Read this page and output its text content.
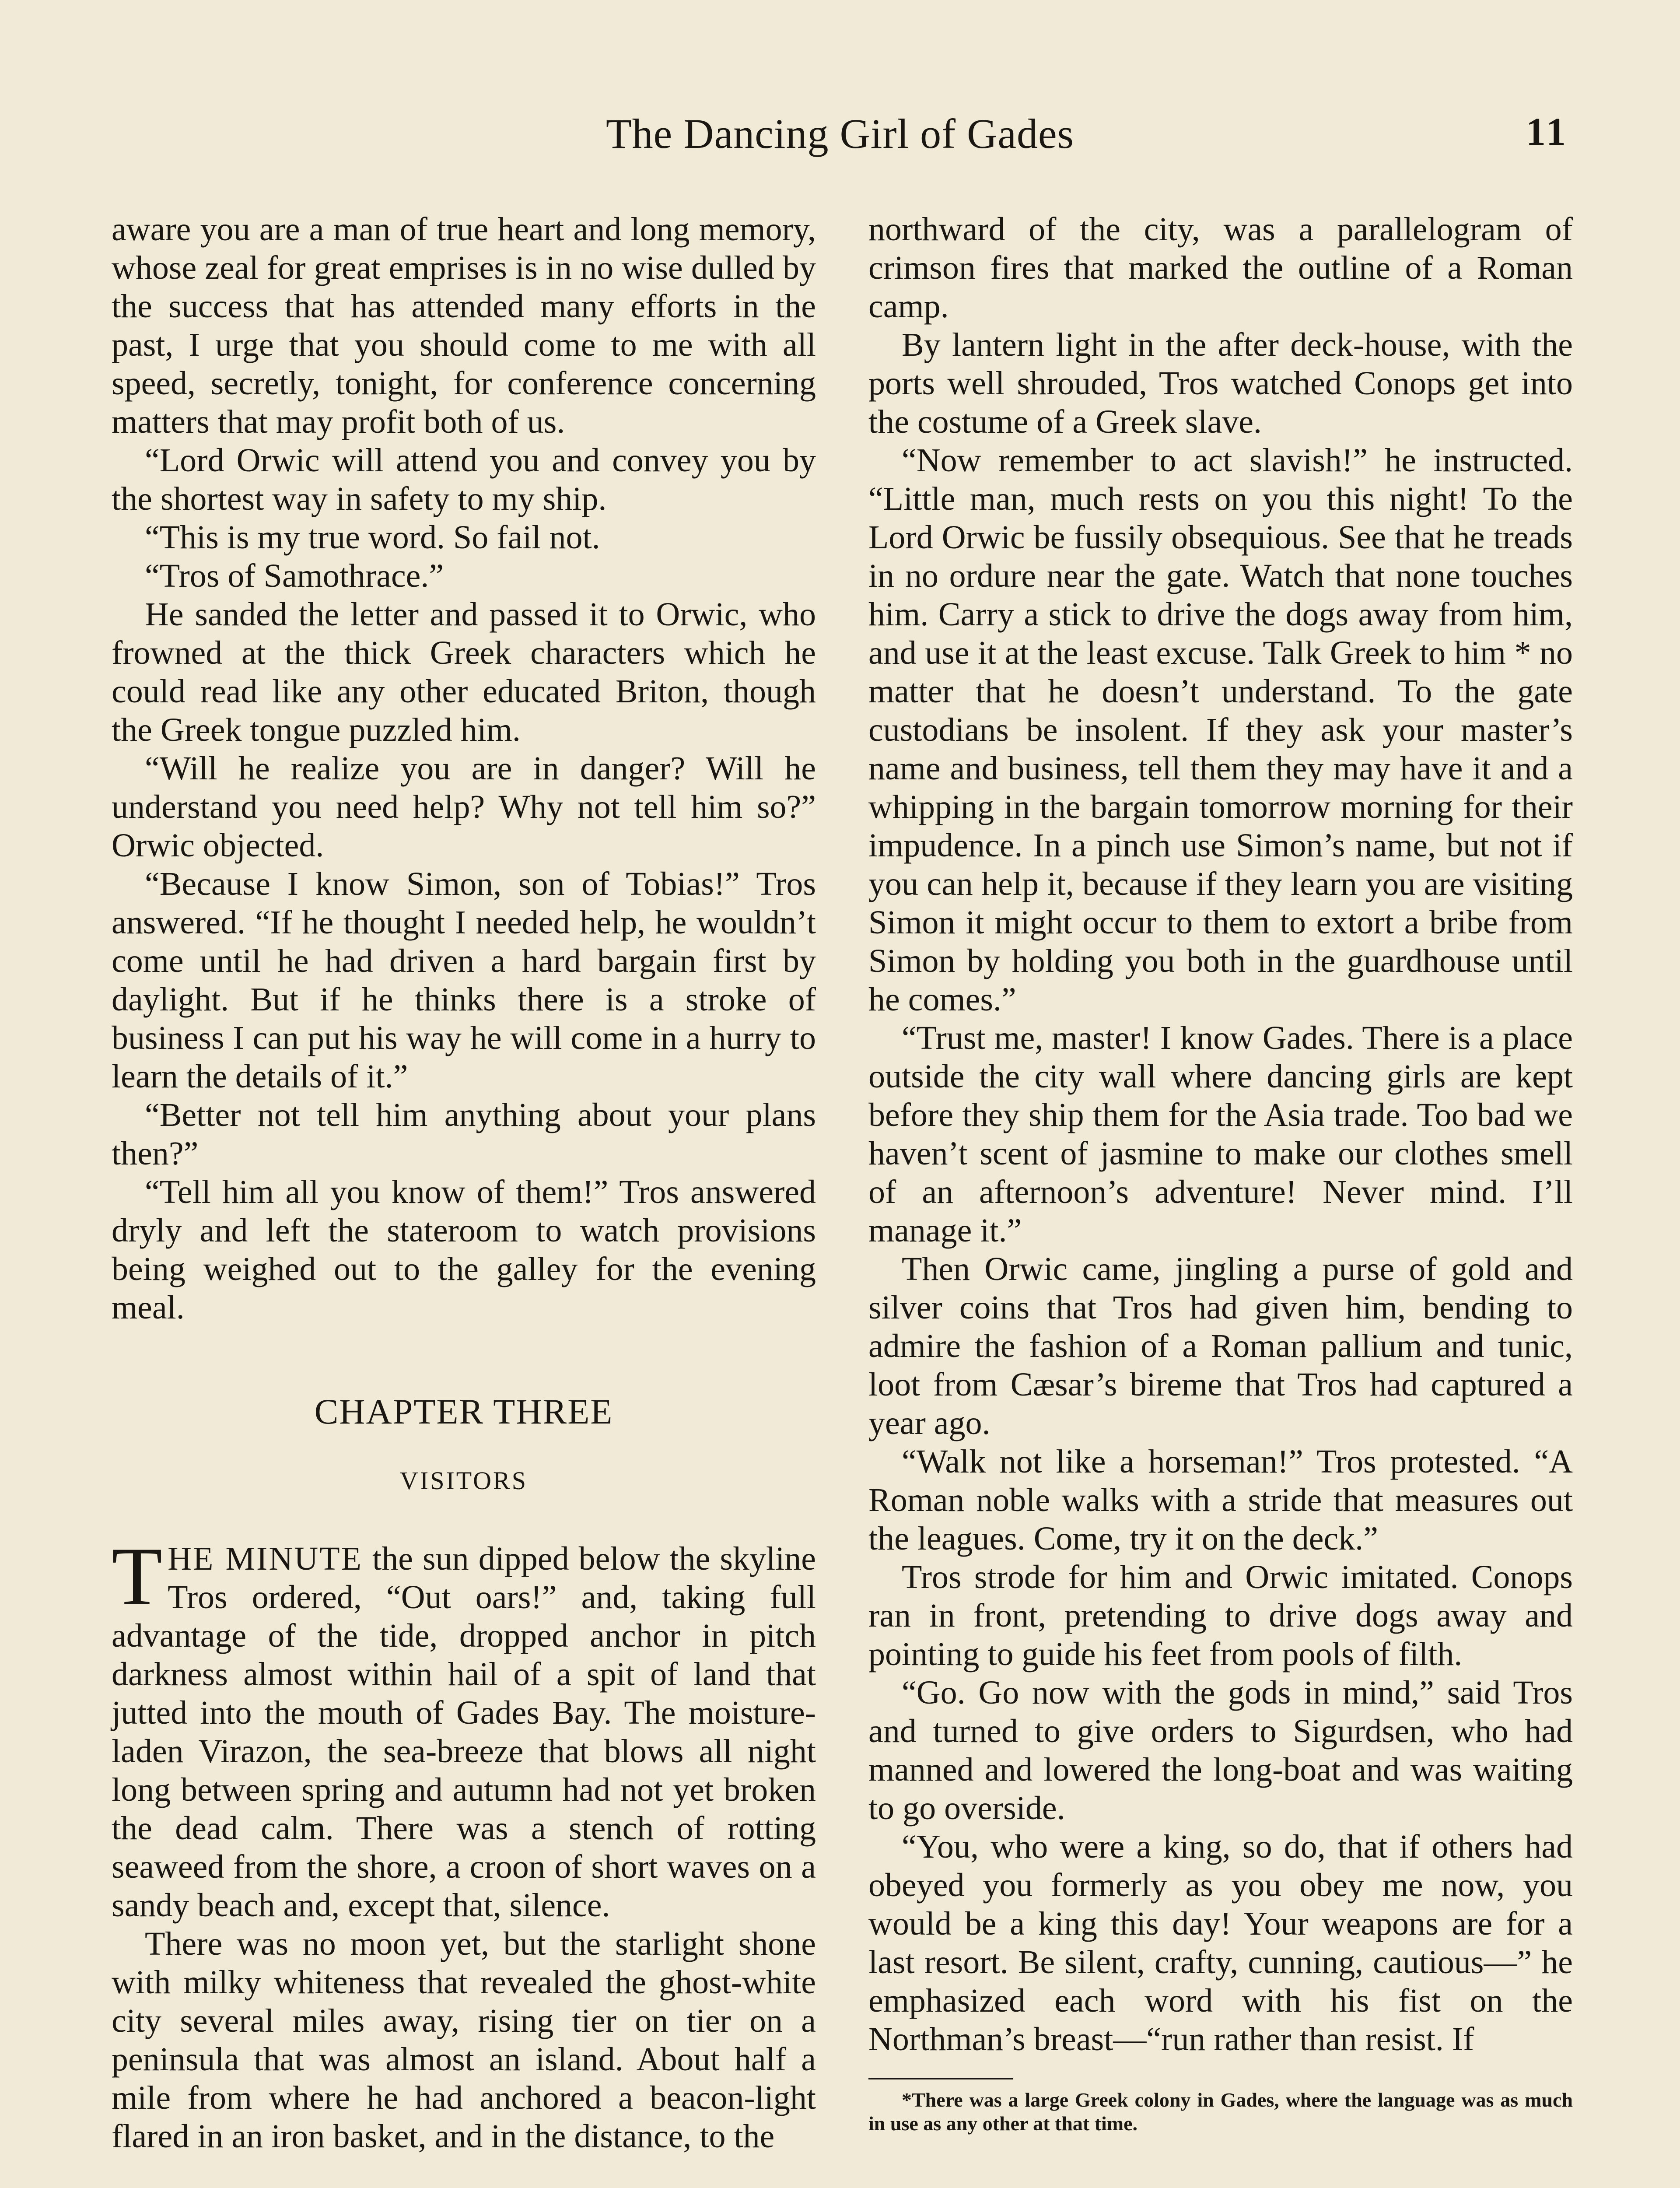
The Dancing Girl of Gades	11

aware you are a man of true heart and long memory, whose zeal for great emprises is in no wise dulled by the success that has attended many efforts in the past, I urge that you should come to me with all speed, secretly, tonight, for conference concerning matters that may profit both of us.

“Lord Orwic will attend you and convey you by the shortest way in safety to my ship.

“This is my true word. So fail not.

“Tros of Samothrace.”

He sanded the letter and passed it to Orwic, who frowned at the thick Greek characters which he could read like any other educated Briton, though the Greek tongue puzzled him.

“Will he realize you are in danger? Will he understand you need help? Why not tell him so?” Orwic objected.

“Because I know Simon, son of Tobias!” Tros answered. “If he thought I needed help, he wouldn’t come until he had driven a hard bargain first by daylight. But if he thinks there is a stroke of business I can put his way he will come in a hurry to learn the details of it.”

“Better not tell him anything about your plans then?”

“Tell him all you know of them!” Tros answered dryly and left the stateroom to watch provisions being weighed out to the galley for the evening meal.

CHAPTER THREE
VISITORS

THE MINUTE the sun dipped below the skyline Tros ordered, “Out oars!” and, taking full advantage of the tide, dropped anchor in pitch darkness almost within hail of a spit of land that jutted into the mouth of Gades Bay. The moisture-laden Virazon, the sea-breeze that blows all night long between spring and autumn had not yet broken the dead calm. There was a stench of rotting seaweed from the shore, a croon of short waves on a sandy beach and, except that, silence.

There was no moon yet, but the starlight shone with milky whiteness that revealed the ghost-white city several miles away, rising tier on tier on a peninsula that was almost an island. About half a mile from where he had anchored a beacon-light flared in an iron basket, and in the distance, to the

northward of the city, was a parallelogram of crimson fires that marked the outline of a Roman camp.

By lantern light in the after deck-house, with the ports well shrouded, Tros watched Conops get into the costume of a Greek slave.

“Now remember to act slavish!” he instructed. “Little man, much rests on you this night! To the Lord Orwic be fussily obsequious. See that he treads in no ordure near the gate. Watch that none touches him. Carry a stick to drive the dogs away from him, and use it at the least excuse. Talk Greek to him * no matter that he doesn’t understand. To the gate custodians be insolent. If they ask your master’s name and business, tell them they may have it and a whipping in the bargain tomorrow morning for their impudence. In a pinch use Simon’s name, but not if you can help it, because if they learn you are visiting Simon it might occur to them to extort a bribe from Simon by holding you both in the guardhouse until he comes.”

“Trust me, master! I know Gades. There is a place outside the city wall where dancing girls are kept before they ship them for the Asia trade. Too bad we haven’t scent of jasmine to make our clothes smell of an afternoon’s adventure! Never mind. I’ll manage it.”

Then Orwic came, jingling a purse of gold and silver coins that Tros had given him, bending to admire the fashion of a Roman pallium and tunic, loot from Cæsar’s bireme that Tros had captured a year ago.

“Walk not like a horseman!” Tros protested. “A Roman noble walks with a stride that measures out the leagues. Come, try it on the deck.”

Tros strode for him and Orwic imitated. Conops ran in front, pretending to drive dogs away and pointing to guide his feet from pools of filth.

“Go. Go now with the gods in mind,” said Tros and turned to give orders to Sigurdsen, who had manned and lowered the long-boat and was waiting to go overside.

“You, who were a king, so do, that if others had obeyed you formerly as you obey me now, you would be a king this day! Your weapons are for a last resort. Be silent, crafty, cunning, cautious—” he emphasized each word with his fist on the Northman’s breast—“run rather than resist. If

*There was a large Greek colony in Gades, where the language was as much in use as any other at that time.
